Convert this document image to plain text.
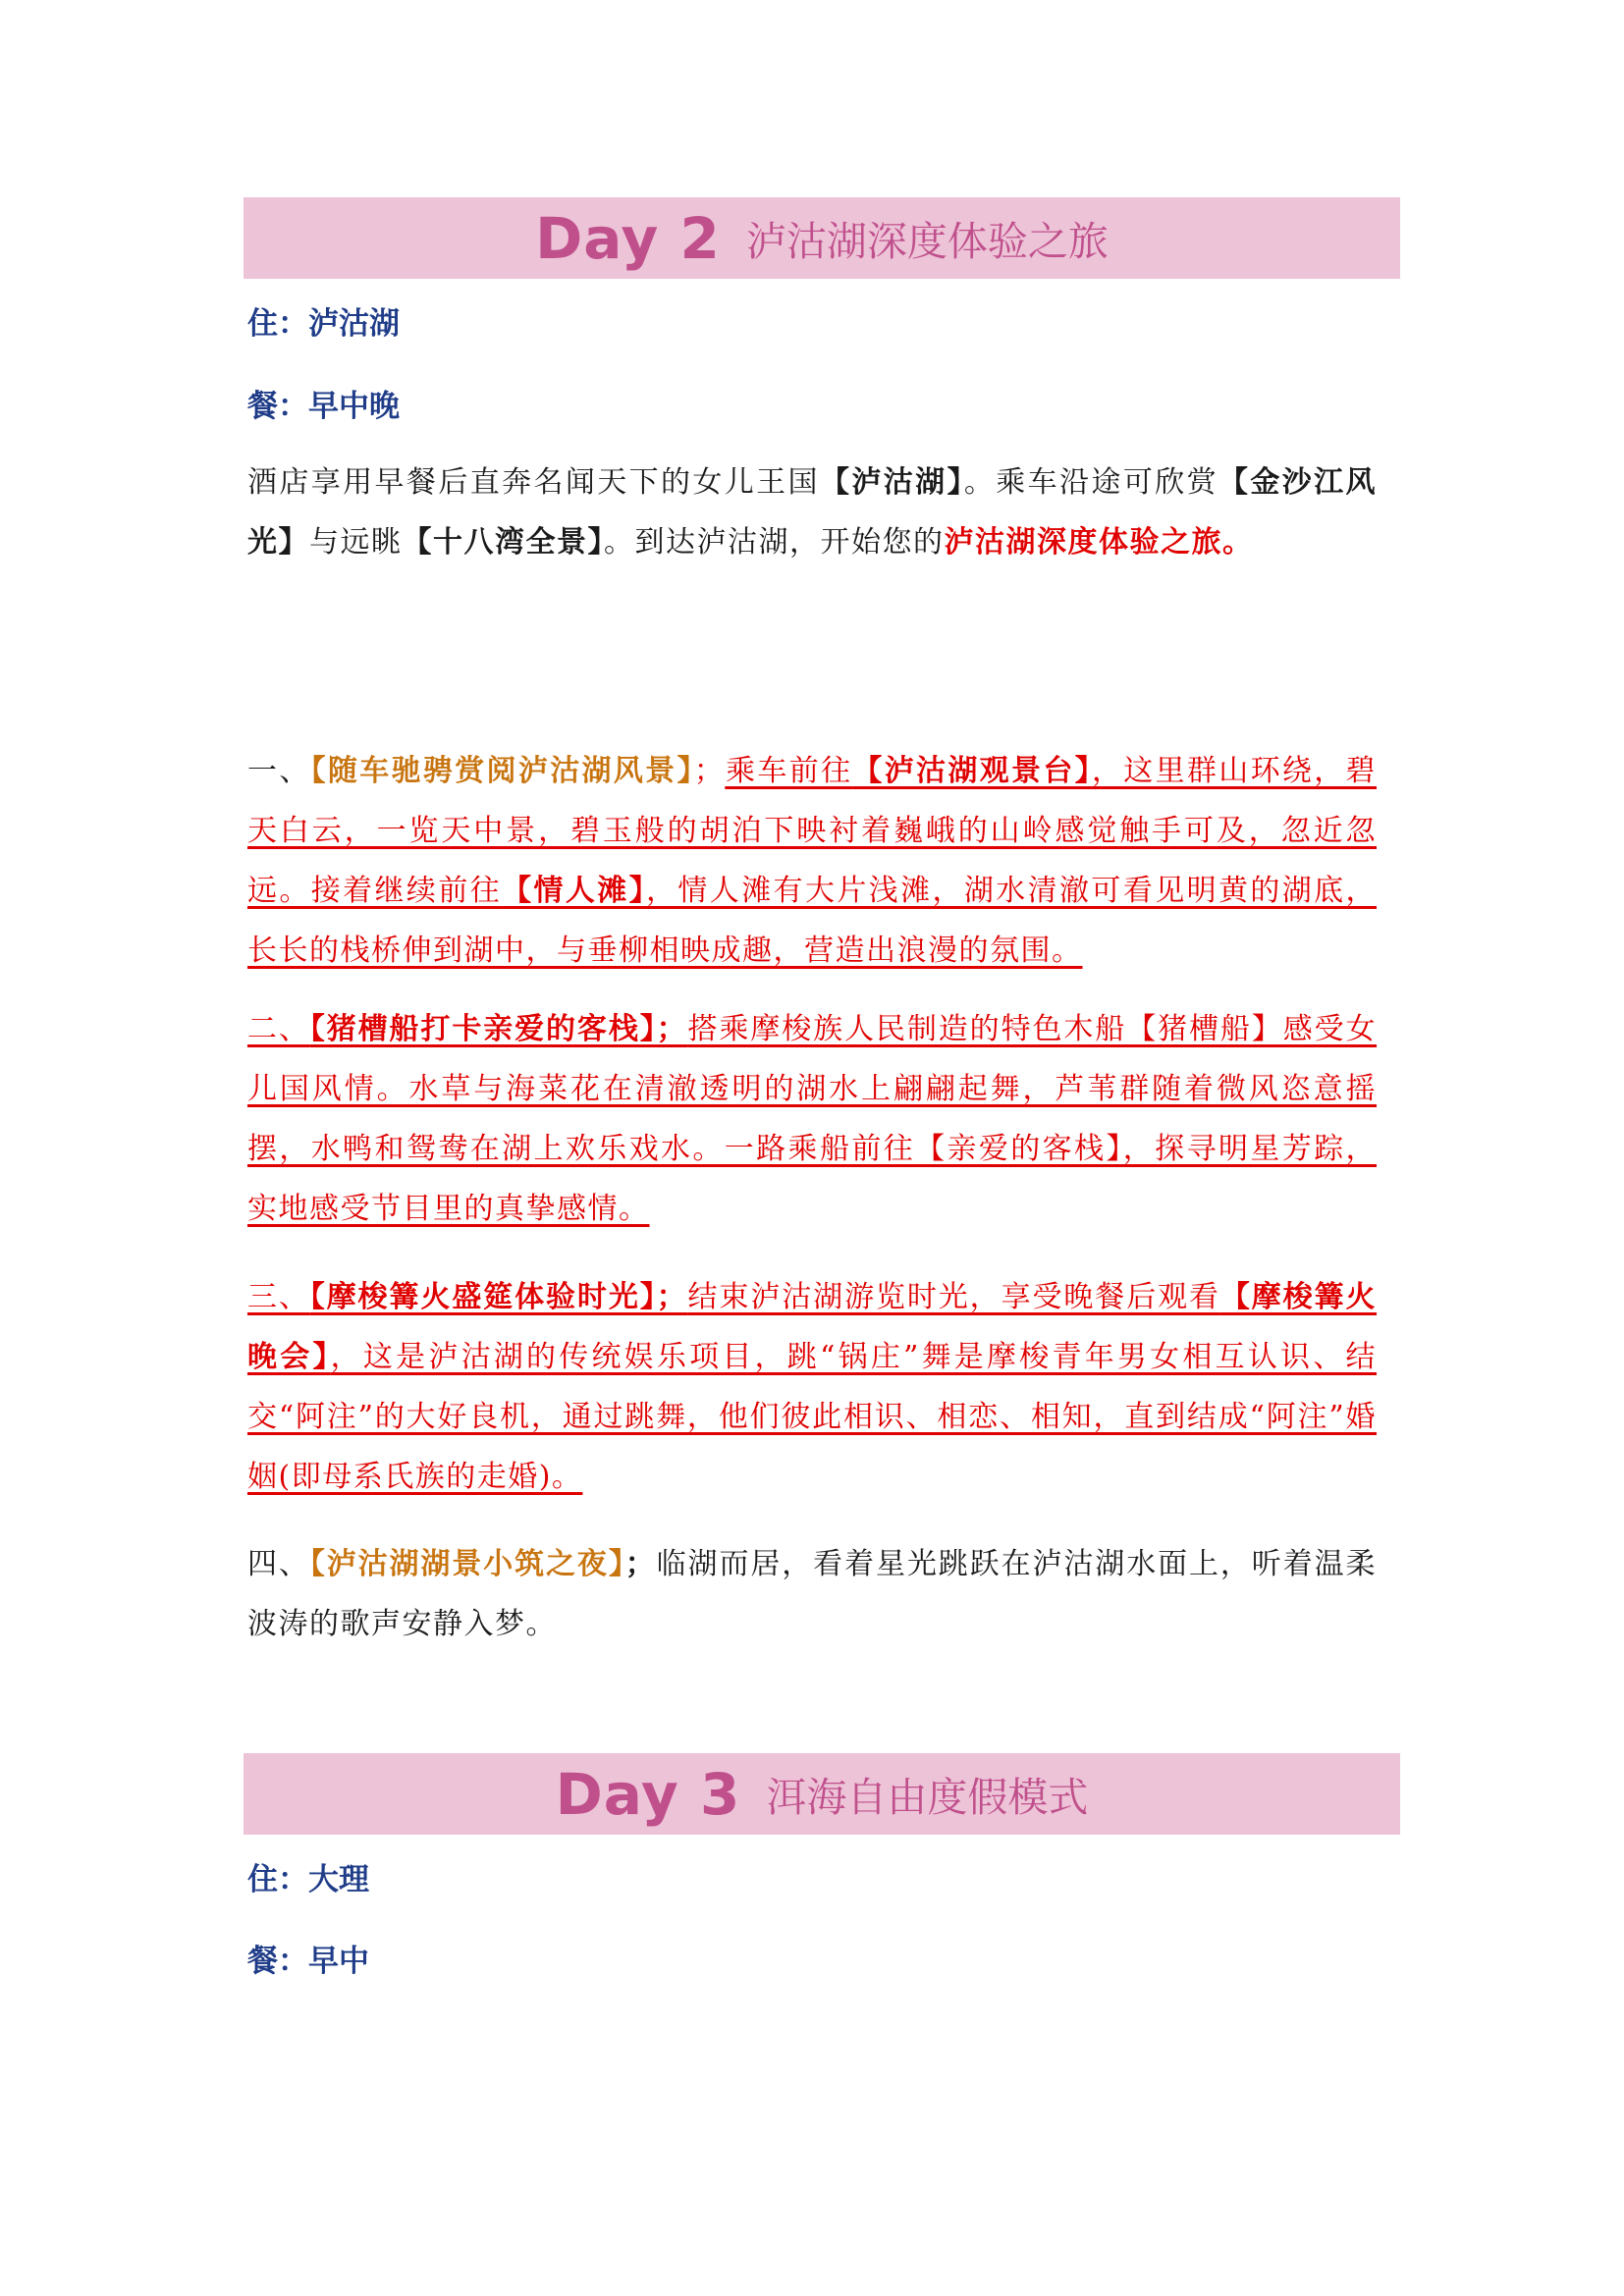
Day 2 泸沽湖深度体验之旅
住：泸沽湖
餐：早中晚
酒店享用早餐后直奔名闻天下的女儿王国【泸沽湖】。乘车沿途可欣赏【金沙江风光】与远眺【十八湾全景】。到达泸沽湖，开始您的泸沽湖深度体验之旅。
一、【随车驰骋赏阅泸沽湖风景】；乘车前往【泸沽湖观景台】，这里群山环绕，碧天白云，一览天中景，碧玉般的胡泊下映衬着巍峨的山岭感觉触手可及，忽近忽远。接着继续前往【情人滩】，情人滩有大片浅滩，湖水清澈可看见明黄的湖底，长长的栈桥伸到湖中，与垂柳相映成趣，营造出浪漫的氛围。
二、【猪槽船打卡亲爱的客栈】；搭乘摩梭族人民制造的特色木船【猪槽船】感受女儿国风情。水草与海菜花在清澈透明的湖水上翩翩起舞，芦苇群随着微风恣意摇摆，水鸭和鸳鸯在湖上欢乐戏水。一路乘船前往【亲爱的客栈】，探寻明星芳踪，实地感受节目里的真挚感情。
三、【摩梭篝火盛筵体验时光】；结束泸沽湖游览时光，享受晚餐后观看【摩梭篝火晚会】，这是泸沽湖的传统娱乐项目，跳“锅庄”舞是摩梭青年男女相互认识、结交“阿注”的大好良机，通过跳舞，他们彼此相识、相恋、相知，直到结成“阿注”婚姻(即母系氏族的走婚)。
四、【泸沽湖湖景小筑之夜】；临湖而居，看着星光跳跃在泸沽湖水面上，听着温柔波涛的歌声安静入梦。
Day 3 洱海自由度假模式
住：大理
餐：早中
